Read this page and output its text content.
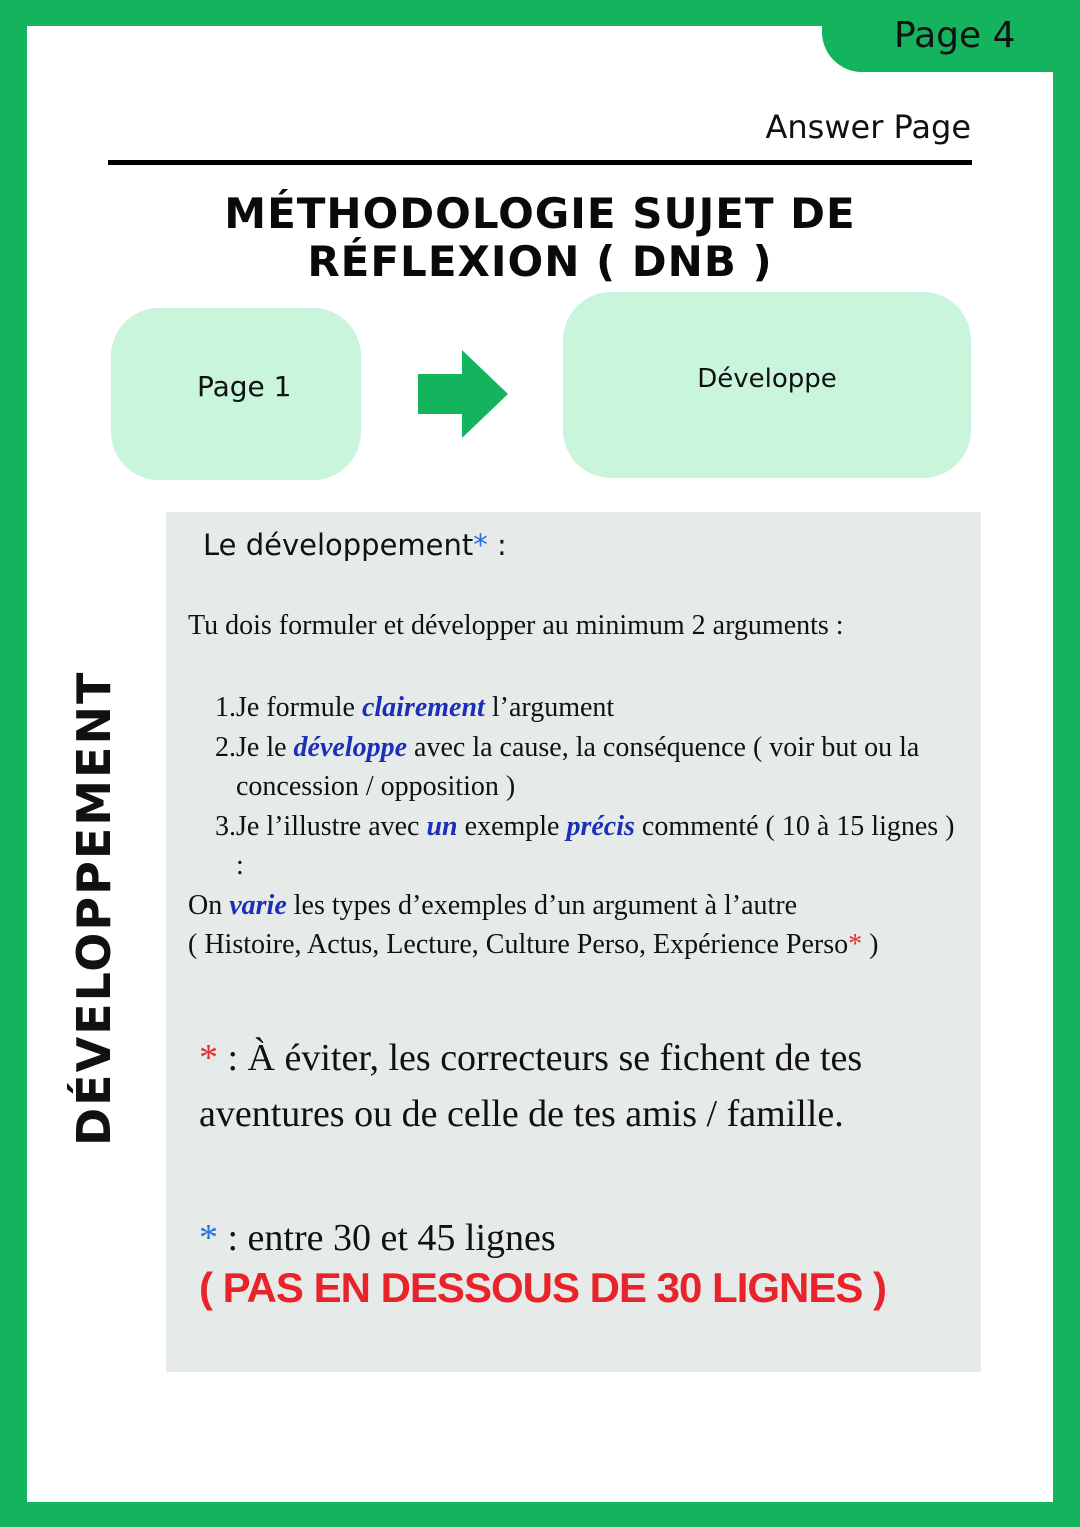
Page 4
Answer Page
MÉTHODOLOGIE SUJET DE
RÉFLEXION ( DNB )
Page 1	Développe
DÉVELOPPEMENT
Le développement* :
Tu dois formuler et développer au minimum 2 arguments :
1. Je formule clairement l’argument
2. Je le développe avec la cause, la conséquence ( voir but ou la concession / opposition )
3. Je l’illustre avec un exemple précis commenté ( 10 à 15 lignes ) :
On varie les types d’exemples d’un argument à l’autre
( Histoire, Actus, Lecture, Culture Perso, Expérience Perso* )
* : À éviter, les correcteurs se fichent de tes aventures ou de celle de tes amis / famille.
* : entre 30 et 45 lignes
( PAS EN DESSOUS DE 30 LIGNES )
